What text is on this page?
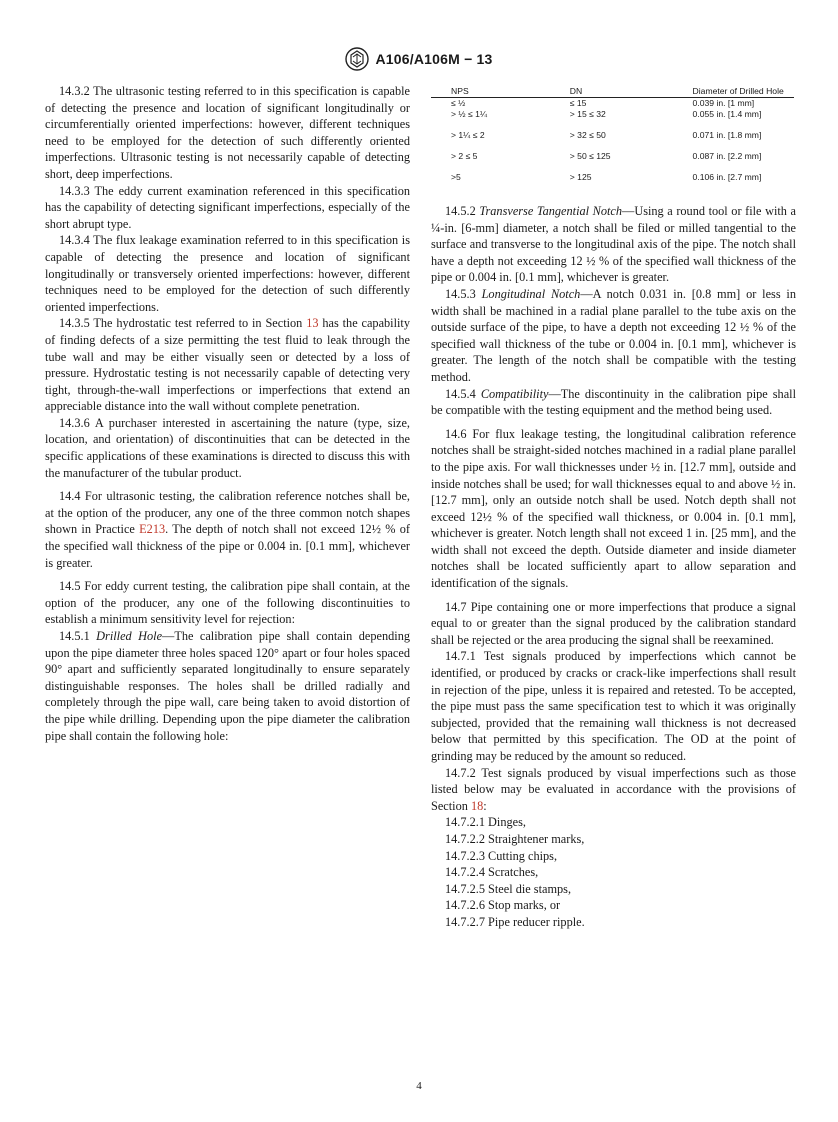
A106/A106M − 13

14.3.2 The ultrasonic testing referred to in this specification is capable of detecting the presence and location of significant longitudinally or circumferentially oriented imperfections: however, different techniques need to be employed for the detection of such differently oriented imperfections. Ultrasonic testing is not necessarily capable of detecting short, deep imperfections.

14.3.3 The eddy current examination referenced in this specification has the capability of detecting significant imperfections, especially of the short abrupt type.

14.3.4 The flux leakage examination referred to in this specification is capable of detecting the presence and location of significant longitudinally or transversely oriented imperfections: however, different techniques need to be employed for the detection of such differently oriented imperfections.

14.3.5 The hydrostatic test referred to in Section 13 has the capability of finding defects of a size permitting the test fluid to leak through the tube wall and may be either visually seen or detected by a loss of pressure. Hydrostatic testing is not necessarily capable of detecting very tight, through-the-wall imperfections or imperfections that extend an appreciable distance into the wall without complete penetration.

14.3.6 A purchaser interested in ascertaining the nature (type, size, location, and orientation) of discontinuities that can be detected in the specific applications of these examinations is directed to discuss this with the manufacturer of the tubular product.

14.4 For ultrasonic testing, the calibration reference notches shall be, at the option of the producer, any one of the three common notch shapes shown in Practice E213. The depth of notch shall not exceed 12½ % of the specified wall thickness of the pipe or 0.004 in. [0.1 mm], whichever is greater.

14.5 For eddy current testing, the calibration pipe shall contain, at the option of the producer, any one of the following discontinuities to establish a minimum sensitivity level for rejection:

14.5.1 Drilled Hole—The calibration pipe shall contain depending upon the pipe diameter three holes spaced 120° apart or four holes spaced 90° apart and sufficiently separated longitudinally to ensure separately distinguishable responses. The holes shall be drilled radially and completely through the pipe wall, care being taken to avoid distortion of the pipe while drilling. Depending upon the pipe diameter the calibration pipe shall contain the following hole:

NPS	DN	Diameter of Drilled Hole
≤ ½	≤ 15	0.039 in. [1 mm]
> ½ ≤ 1¼	> 15 ≤ 32	0.055 in. [1.4 mm]
> 1¼ ≤ 2	> 32 ≤ 50	0.071 in. [1.8 mm]
> 2 ≤ 5	> 50 ≤ 125	0.087 in. [2.2 mm]
>5	> 125	0.106 in. [2.7 mm]

14.5.2 Transverse Tangential Notch—Using a round tool or file with a ¼-in. [6-mm] diameter, a notch shall be filed or milled tangential to the surface and transverse to the longitudinal axis of the pipe. The notch shall have a depth not exceeding 12 ½ % of the specified wall thickness of the pipe or 0.004 in. [0.1 mm], whichever is greater.

14.5.3 Longitudinal Notch—A notch 0.031 in. [0.8 mm] or less in width shall be machined in a radial plane parallel to the tube axis on the outside surface of the pipe, to have a depth not exceeding 12 ½ % of the specified wall thickness of the tube or 0.004 in. [0.1 mm], whichever is greater. The length of the notch shall be compatible with the testing method.

14.5.4 Compatibility—The discontinuity in the calibration pipe shall be compatible with the testing equipment and the method being used.

14.6 For flux leakage testing, the longitudinal calibration reference notches shall be straight-sided notches machined in a radial plane parallel to the pipe axis. For wall thicknesses under ½ in. [12.7 mm], outside and inside notches shall be used; for wall thicknesses equal to and above ½ in. [12.7 mm], only an outside notch shall be used. Notch depth shall not exceed 12½ % of the specified wall thickness, or 0.004 in. [0.1 mm], whichever is greater. Notch length shall not exceed 1 in. [25 mm], and the width shall not exceed the depth. Outside diameter and inside diameter notches shall be located sufficiently apart to allow separation and identification of the signals.

14.7 Pipe containing one or more imperfections that produce a signal equal to or greater than the signal produced by the calibration standard shall be rejected or the area producing the signal shall be reexamined.

14.7.1 Test signals produced by imperfections which cannot be identified, or produced by cracks or crack-like imperfections shall result in rejection of the pipe, unless it is repaired and retested. To be accepted, the pipe must pass the same specification test to which it was originally subjected, provided that the remaining wall thickness is not decreased below that permitted by this specification. The OD at the point of grinding may be reduced by the amount so reduced.

14.7.2 Test signals produced by visual imperfections such as those listed below may be evaluated in accordance with the provisions of Section 18:

14.7.2.1 Dinges,

14.7.2.2 Straightener marks,

14.7.2.3 Cutting chips,

14.7.2.4 Scratches,

14.7.2.5 Steel die stamps,

14.7.2.6 Stop marks, or

14.7.2.7 Pipe reducer ripple.

4
